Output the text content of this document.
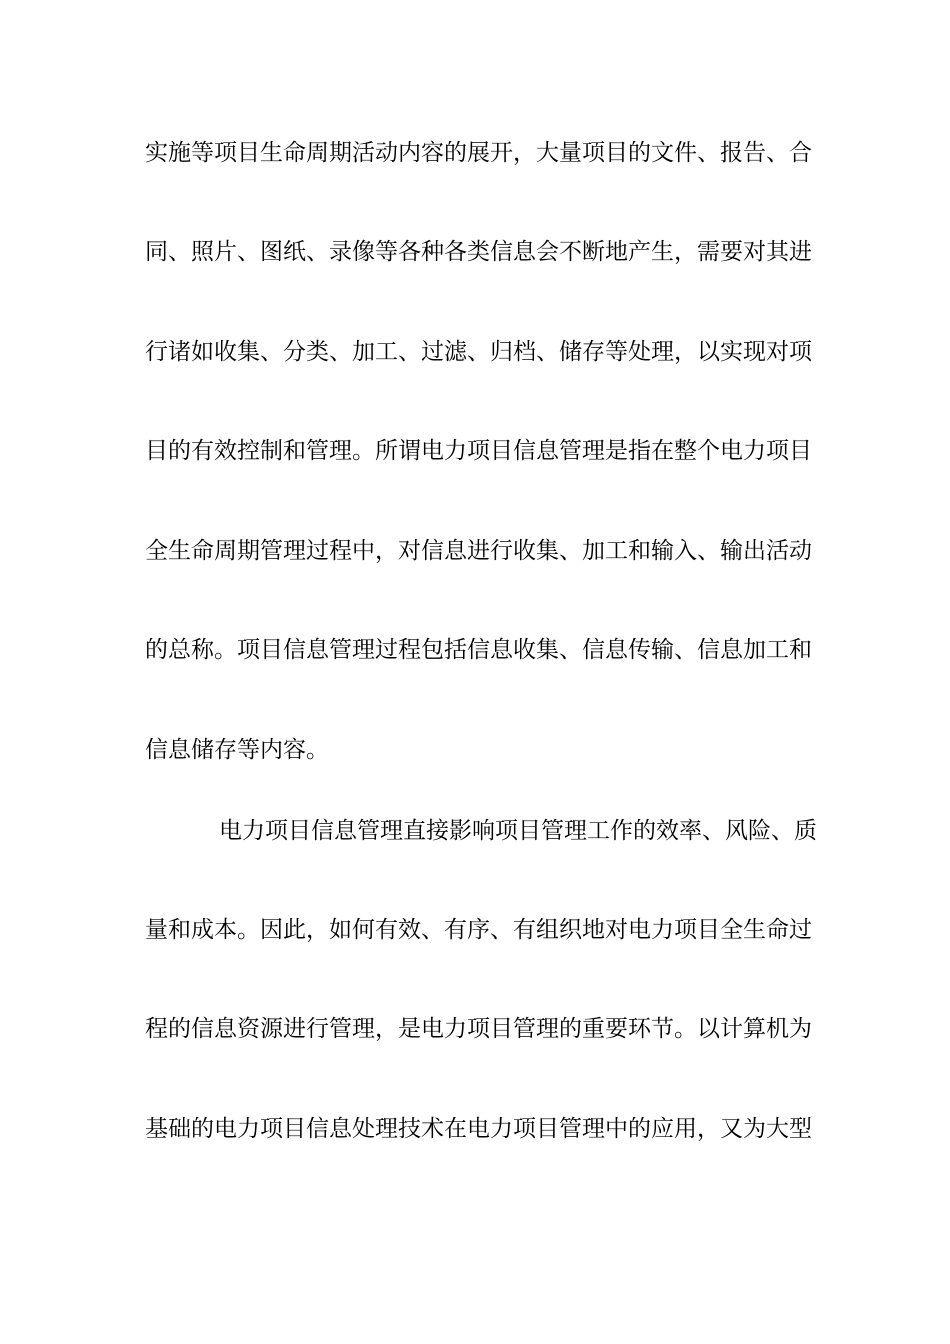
实施等项目生命周期活动内容的展开，大量项目的文件、报告、合
同、照片、图纸、录像等各种各类信息会不断地产生，需要对其进
行诸如收集、分类、加工、过滤、归档、储存等处理，以实现对项
目的有效控制和管理。所谓电力项目信息管理是指在整个电力项目
全生命周期管理过程中，对信息进行收集、加工和输入、输出活动
的总称。项目信息管理过程包括信息收集、信息传输、信息加工和
信息储存等内容。
电力项目信息管理直接影响项目管理工作的效率、风险、质
量和成本。因此，如何有效、有序、有组织地对电力项目全生命过
程的信息资源进行管理，是电力项目管理的重要环节。以计算机为
基础的电力项目信息处理技术在电力项目管理中的应用，又为大型
